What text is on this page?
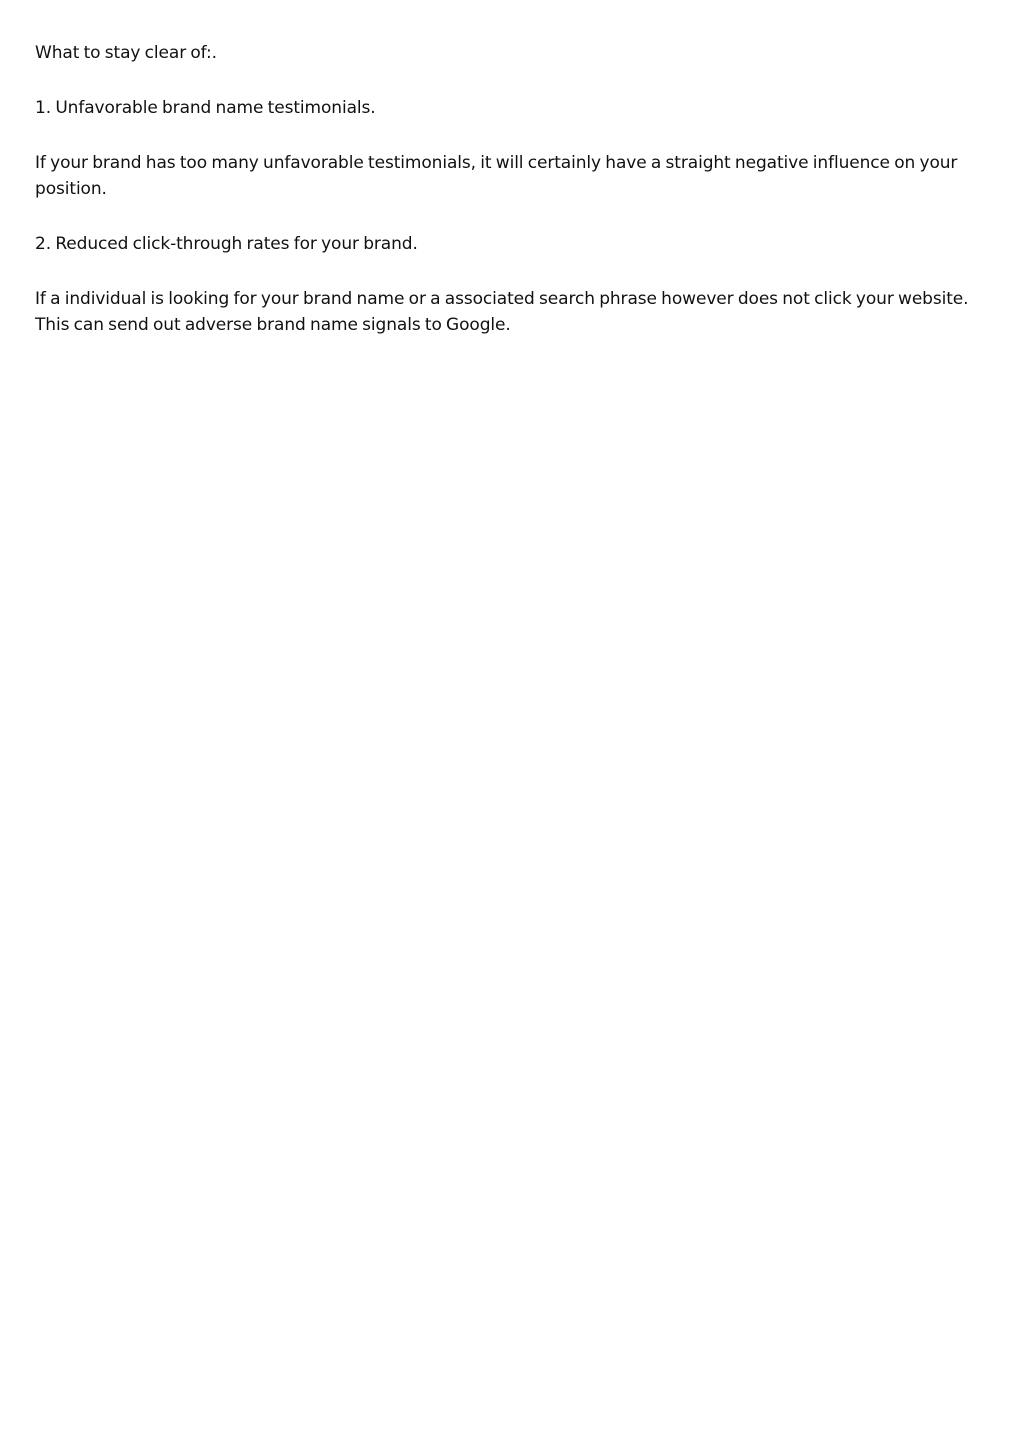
What to stay clear of:.

1. Unfavorable brand name testimonials.

If your brand has too many unfavorable testimonials, it will certainly have a straight negative influence on your position.

2. Reduced click-through rates for your brand.

If a individual is looking for your brand name or a associated search phrase however does not click your website. This can send out adverse brand name signals to Google.
